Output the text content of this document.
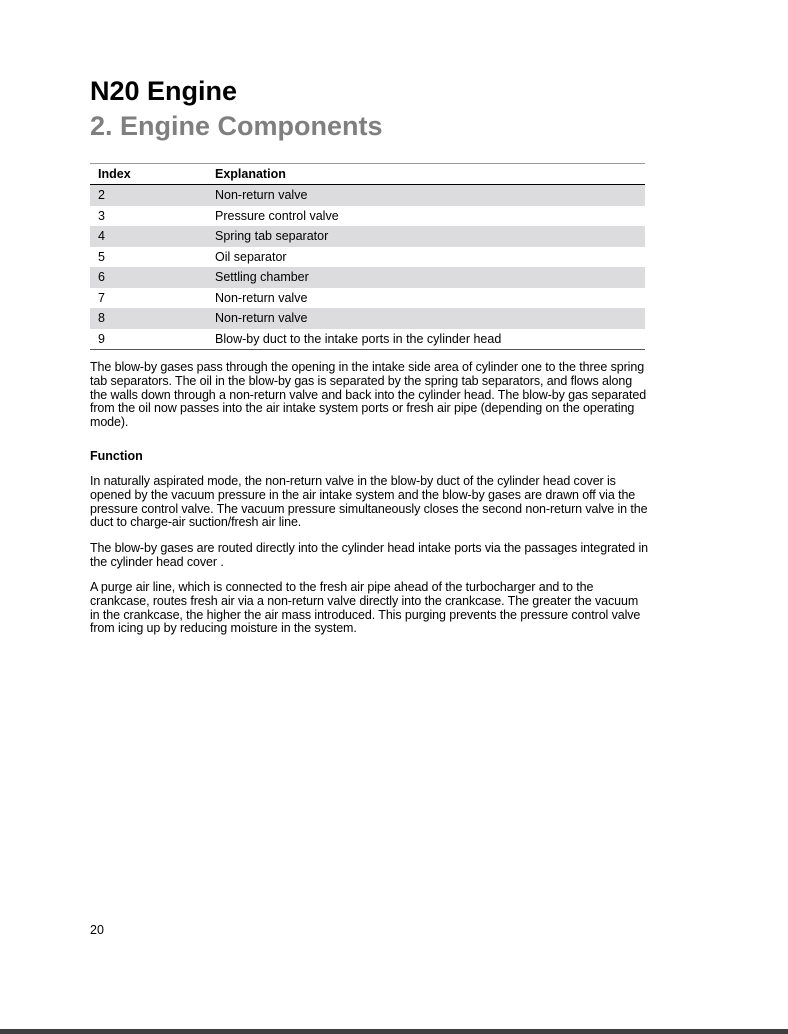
N20 Engine
2. Engine Components
Index	Explanation
2	Non-return valve
3	Pressure control valve
4	Spring tab separator
5	Oil separator
6	Settling chamber
7	Non-return valve
8	Non-return valve
9	Blow-by duct to the intake ports in the cylinder head

The blow-by gases pass through the opening in the intake side area of cylinder one to the three spring tab separators. The oil in the blow-by gas is separated by the spring tab separators, and flows along the walls down through a non-return valve and back into the cylinder head. The blow-by gas separated from the oil now passes into the air intake system ports or fresh air pipe (depending on the operating mode).

Function

In naturally aspirated mode, the non-return valve in the blow-by duct of the cylinder head cover is opened by the vacuum pressure in the air intake system and the blow-by gases are drawn off via the pressure control valve. The vacuum pressure simultaneously closes the second non-return valve in the duct to charge-air suction/fresh air line.

The blow-by gases are routed directly into the cylinder head intake ports via the passages integrated in the cylinder head cover .

A purge air line, which is connected to the fresh air pipe ahead of the turbocharger and to the crankcase, routes fresh air via a non-return valve directly into the crankcase. The greater the vacuum in the crankcase, the higher the air mass introduced. This purging prevents the pressure control valve from icing up by reducing moisture in the system.

20
